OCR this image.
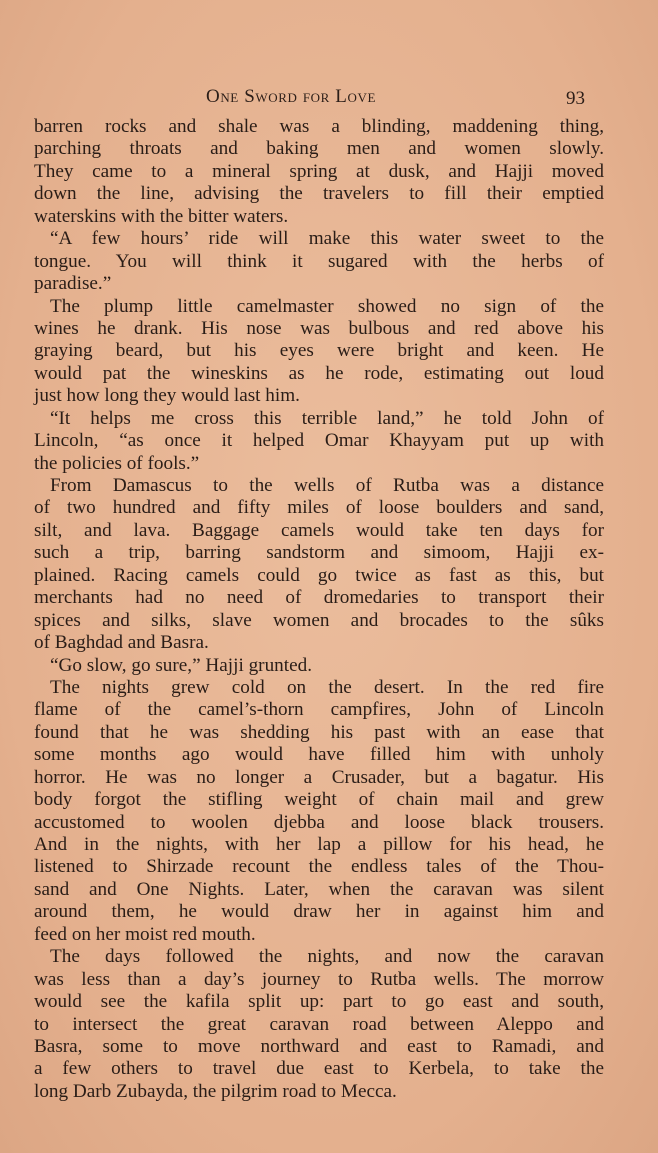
One Sword for Love	93
barren rocks and shale was a blinding, maddening thing,
parching throats and baking men and women slowly.
They came to a mineral spring at dusk, and Hajji moved
down the line, advising the travelers to fill their emptied
waterskins with the bitter waters.
“A few hours’ ride will make this water sweet to the
tongue. You will think it sugared with the herbs of
paradise.”
The plump little camelmaster showed no sign of the
wines he drank. His nose was bulbous and red above his
graying beard, but his eyes were bright and keen. He
would pat the wineskins as he rode, estimating out loud
just how long they would last him.
“It helps me cross this terrible land,” he told John of
Lincoln, “as once it helped Omar Khayyam put up with
the policies of fools.”
From Damascus to the wells of Rutba was a distance
of two hundred and fifty miles of loose boulders and sand,
silt, and lava. Baggage camels would take ten days for
such a trip, barring sandstorm and simoom, Hajji ex-
plained. Racing camels could go twice as fast as this, but
merchants had no need of dromedaries to transport their
spices and silks, slave women and brocades to the sûks
of Baghdad and Basra.
“Go slow, go sure,” Hajji grunted.
The nights grew cold on the desert. In the red fire
flame of the camel’s-thorn campfires, John of Lincoln
found that he was shedding his past with an ease that
some months ago would have filled him with unholy
horror. He was no longer a Crusader, but a bagatur. His
body forgot the stifling weight of chain mail and grew
accustomed to woolen djebba and loose black trousers.
And in the nights, with her lap a pillow for his head, he
listened to Shirzade recount the endless tales of the Thou-
sand and One Nights. Later, when the caravan was silent
around them, he would draw her in against him and
feed on her moist red mouth.
The days followed the nights, and now the caravan
was less than a day’s journey to Rutba wells. The morrow
would see the kafila split up: part to go east and south,
to intersect the great caravan road between Aleppo and
Basra, some to move northward and east to Ramadi, and
a few others to travel due east to Kerbela, to take the
long Darb Zubayda, the pilgrim road to Mecca.
